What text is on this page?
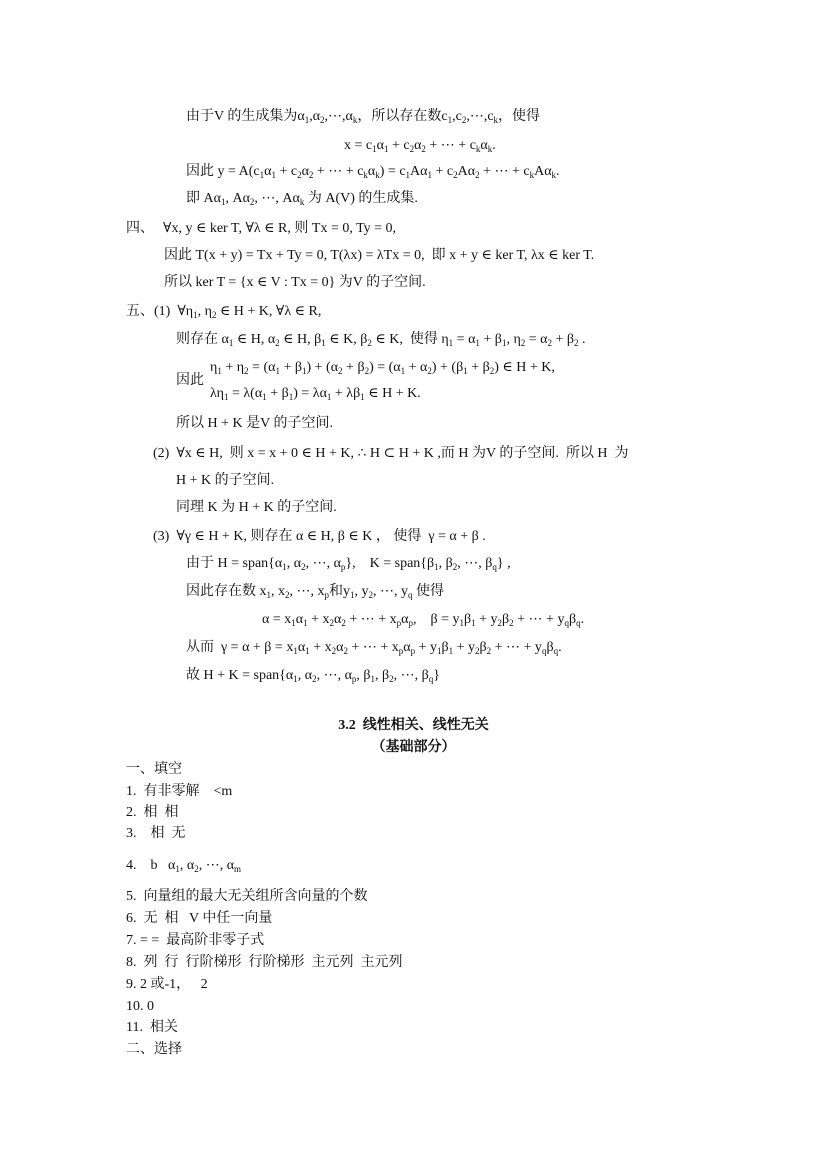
由于V 的生成集为$\alpha_1,\alpha_2,\cdots,\alpha_k$，所以存在数$c_1,c_2,\cdots,c_k$，使得
$x = c_1\alpha_1 + c_2\alpha_2$ + ⋯ + $c_k\alpha_k$.
因此 $y = A(c_1\alpha_1 + c_2\alpha_2$ + ⋯ + $c_k\alpha_k) = c_1A\alpha_1 + c_2A\alpha_2$ + ⋯ + $c_kA\alpha_k$.
即 $A\alpha_1$, $A\alpha_2$, ⋯, $A\alpha_k$ 为 A(V) 的生成集.
四、 ∀x, y ∈ ker T, ∀λ ∈ R, 则 Tx = 0, Ty = 0,
因此 T(x + y) = Tx + Ty = 0, T(λx) = λTx = 0,  即 x + y ∈ ker T, λx ∈ ker T.
所以 ker T = {x ∈ V : Tx = 0} 为V 的子空间.
五、(1)  $\forall\eta_1$, $\eta_2$ ∈ H + K, ∀λ ∈ R,
则存在 $\alpha_1$ ∈ H, $\alpha_2$ ∈ H, $\beta_1$ ∈ K, $\beta_2$ ∈ K,  使得 $\eta_1 = \alpha_1 + \beta_1$, $\eta_2 = \alpha_2 + \beta_2$ .
因此
$\eta_1 + \eta_2 = (\alpha_1 + \beta_1) + (\alpha_2 + \beta_2) = (\alpha_1 + \alpha_2) + (\beta_1 + \beta_2)$ ∈ H + K,
$\lambda\eta_1 = \lambda(\alpha_1 + \beta_1) = \lambda\alpha_1 + \lambda\beta_1$ ∈ H + K.
所以 H + K 是V 的子空间.
(2)  ∀x ∈ H,  则 x = x + 0 ∈ H + K, ∴ H ⊂ H + K ,而 H 为V 的子空间.  所以 H  为
H + K 的子空间.
同理 K 为 H + K 的子空间.
(3)  ∀γ ∈ H + K, 则存在 α ∈ H, β ∈ K ， 使得  γ = α + β .
由于 $H = span\{\alpha_1$, $\alpha_2$, ⋯, $\alpha_p$},    $K = span\{\beta_1$, $\beta_2$, ⋯, $\beta_q$} ,
因此存在数 $x_1$, $x_2$, ⋯, $x_p$和$y_1$, $y_2$, ⋯, $y_q$ 使得
$\alpha = x_1\alpha_1 + x_2\alpha_2$ + ⋯ + $x_p\alpha_p$,    $\beta = y_1\beta_1 + y_2\beta_2$ + ⋯ + $y_q\beta_q$.
从而  $\gamma = \alpha + \beta = x_1\alpha_1 + x_2\alpha_2$ + ⋯ + $x_p\alpha_p + y_1\beta_1 + y_2\beta_2$ + ⋯ + $y_q\beta_q$.
故 $H + K = span\{\alpha_1$, $\alpha_2$, ⋯, $\alpha_p$, $\beta_1$, $\beta_2$, ⋯, $\beta_q$}
3.2  线性相关、线性无关
（基础部分）
一、填空
1.  有非零解    <m
2.  相  相
3.    相  无
4.    b   $\alpha_1$, $\alpha_2$, ⋯, $\alpha_m$
5.  向量组的最大无关组所含向量的个数
6.  无  相   V 中任一向量
7. = =  最高阶非零子式
8.  列  行  行阶梯形  行阶梯形  主元列  主元列
9. 2 或-1，   2
10. 0
11.  相关
二、选择
